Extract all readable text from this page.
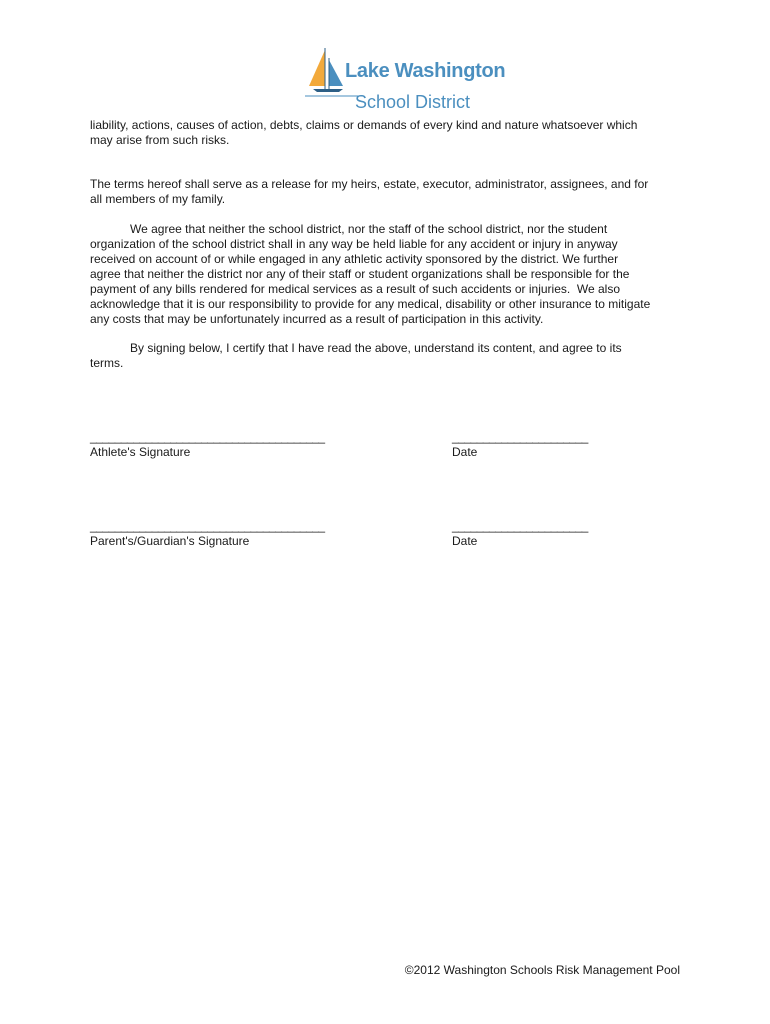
Lake Washington
School District
liability, actions, causes of action, debts, claims or demands of every kind and nature whatsoever which
may arise from such risks.
The terms hereof shall serve as a release for my heirs, estate, executor, administrator, assignees, and for
all members of my family.
We agree that neither the school district, nor the staff of the school district, nor the student
organization of the school district shall in any way be held liable for any accident or injury in anyway
received on account of or while engaged in any athletic activity sponsored by the district. We further
agree that neither the district nor any of their staff or student organizations shall be responsible for the
payment of any bills rendered for medical services as a result of such accidents or injuries.  We also
acknowledge that it is our responsibility to provide for any medical, disability or other insurance to mitigate
any costs that may be unfortunately incurred as a result of participation in this activity.
By signing below, I certify that I have read the above, understand its content, and agree to its
terms.
______________________________________
Athlete's Signature
______________________
Date
______________________________________
Parent's/Guardian's Signature
______________________
Date
©2012 Washington Schools Risk Management Pool
